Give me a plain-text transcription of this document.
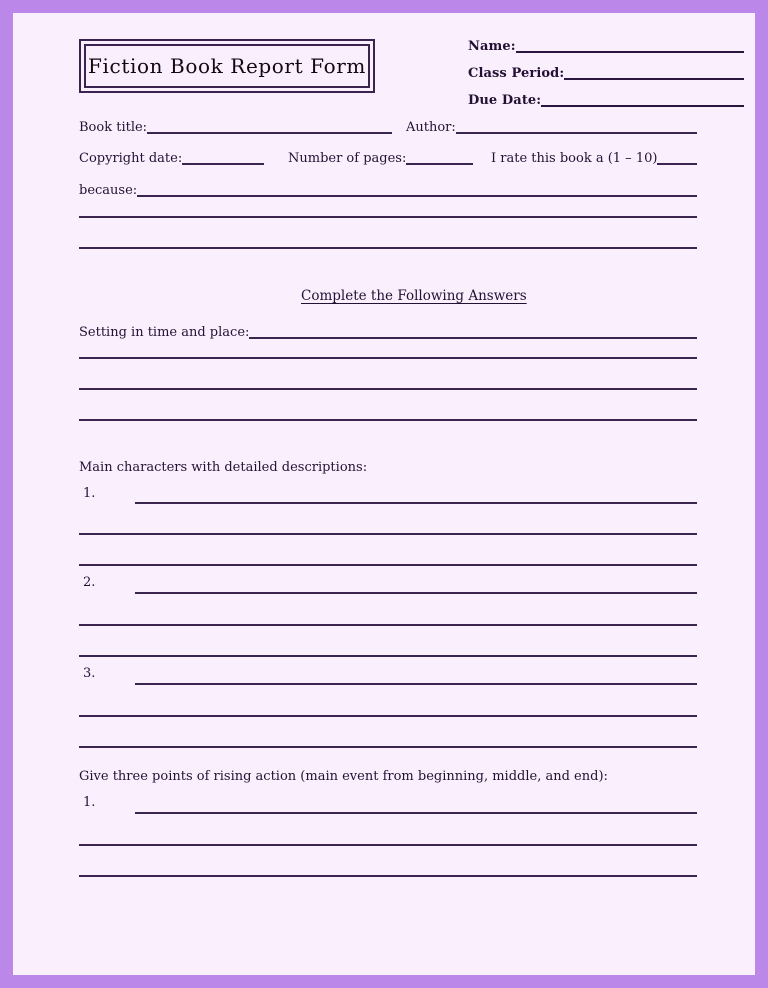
Fiction Book Report Form
Name:
Class Period:
Due Date:
Book title:	Author:
Copyright date:	Number of pages:	I rate this book a (1 – 10)
because:
Complete the Following Answers
Setting in time and place:
Main characters with detailed descriptions:
1.
2.
3.
Give three points of rising action (main event from beginning, middle, and end):
1.
